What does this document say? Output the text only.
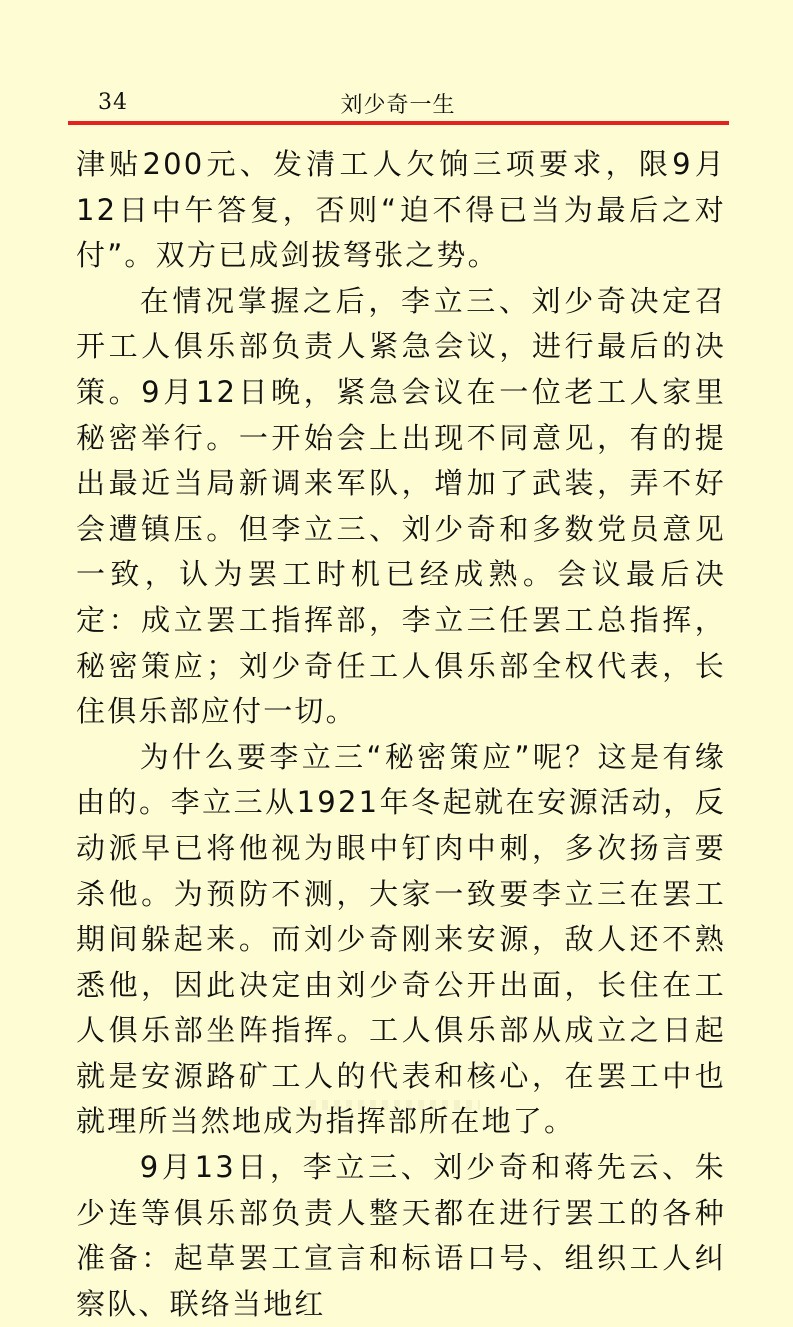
34	刘少奇一生

津贴200元、发清工人欠饷三项要求，限9月12日中午答复，否则“迫不得已当为最后之对付”。双方已成剑拔弩张之势。

在情况掌握之后，李立三、刘少奇决定召开工人俱乐部负责人紧急会议，进行最后的决策。9月12日晚，紧急会议在一位老工人家里秘密举行。一开始会上出现不同意见，有的提出最近当局新调来军队，增加了武装，弄不好会遭镇压。但李立三、刘少奇和多数党员意见一致，认为罢工时机已经成熟。会议最后决定：成立罢工指挥部，李立三任罢工总指挥，秘密策应；刘少奇任工人俱乐部全权代表，长住俱乐部应付一切。

为什么要李立三“秘密策应”呢？这是有缘由的。李立三从1921年冬起就在安源活动，反动派早已将他视为眼中钉肉中刺，多次扬言要杀他。为预防不测，大家一致要李立三在罢工期间躲起来。而刘少奇刚来安源，敌人还不熟悉他，因此决定由刘少奇公开出面，长住在工人俱乐部坐阵指挥。工人俱乐部从成立之日起就是安源路矿工人的代表和核心，在罢工中也就理所当然地成为指挥部所在地了。

9月13日，李立三、刘少奇和蒋先云、朱少连等俱乐部负责人整天都在进行罢工的各种准备：起草罢工宣言和标语口号、组织工人纠察队、联络当地红
